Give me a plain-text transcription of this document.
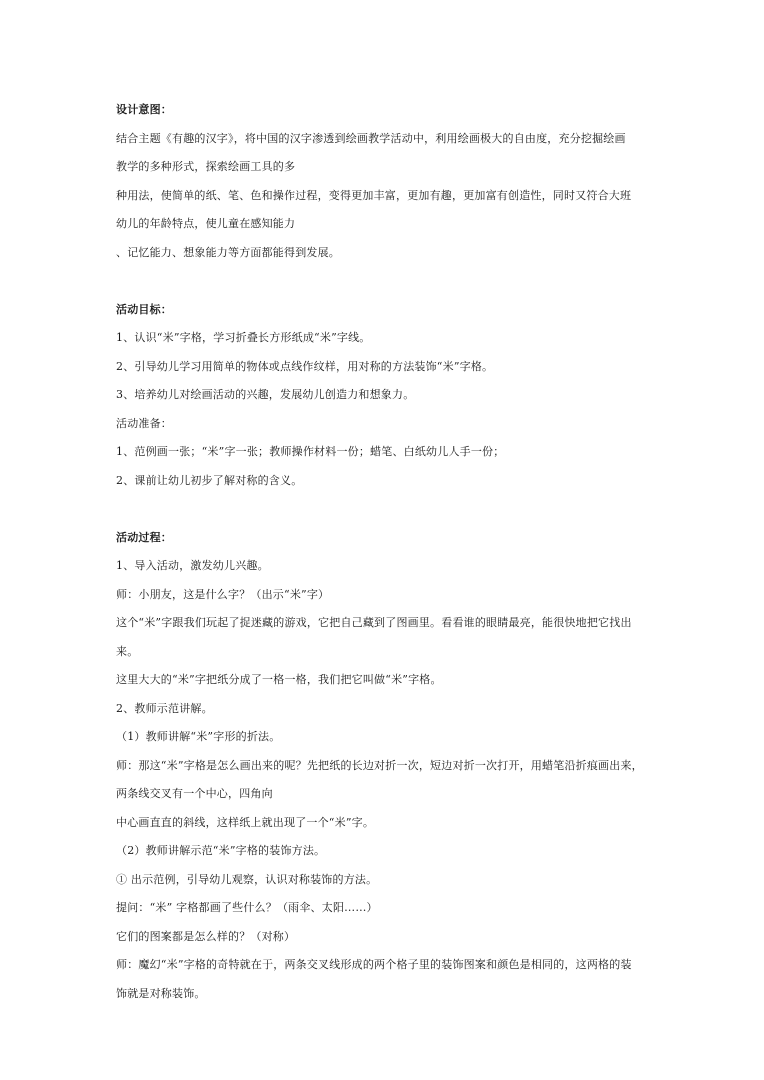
设计意图：
结合主题《有趣的汉字》，将中国的汉字渗透到绘画教学活动中，利用绘画极大的自由度，充分挖掘绘画
教学的多种形式，探索绘画工具的多
种用法，使简单的纸、笔、色和操作过程，变得更加丰富，更加有趣，更加富有创造性，同时又符合大班
幼儿的年龄特点，使儿童在感知能力
、记忆能力、想象能力等方面都能得到发展。
活动目标：
1、认识“米”字格，学习折叠长方形纸成“米”字线。
2、引导幼儿学习用简单的物体或点线作纹样，用对称的方法装饰“米”字格。
3、培养幼儿对绘画活动的兴趣，发展幼儿创造力和想象力。
活动准备：
1、范例画一张；“米”字一张；教师操作材料一份；蜡笔、白纸幼儿人手一份；
2、课前让幼儿初步了解对称的含义。
活动过程：
1、导入活动，激发幼儿兴趣。
师：小朋友，这是什么字？（出示“米”字）
这个“米”字跟我们玩起了捉迷藏的游戏，它把自己藏到了图画里。看看谁的眼睛最亮，能很快地把它找出
来。
这里大大的“米”字把纸分成了一格一格，我们把它叫做“米”字格。
2、教师示范讲解。
（1）教师讲解“米”字形的折法。
师：那这“米”字格是怎么画出来的呢？先把纸的长边对折一次，短边对折一次打开，用蜡笔沿折痕画出来，
两条线交叉有一个中心，四角向
中心画直直的斜线，这样纸上就出现了一个“米”字。
（2）教师讲解示范“米”字格的装饰方法。
① 出示范例，引导幼儿观察，认识对称装饰的方法。
提问：“米” 字格都画了些什么？（雨伞、太阳……）
它们的图案都是怎么样的？（对称）
师：魔幻“米”字格的奇特就在于，两条交叉线形成的两个格子里的装饰图案和颜色是相同的，这两格的装
饰就是对称装饰。
